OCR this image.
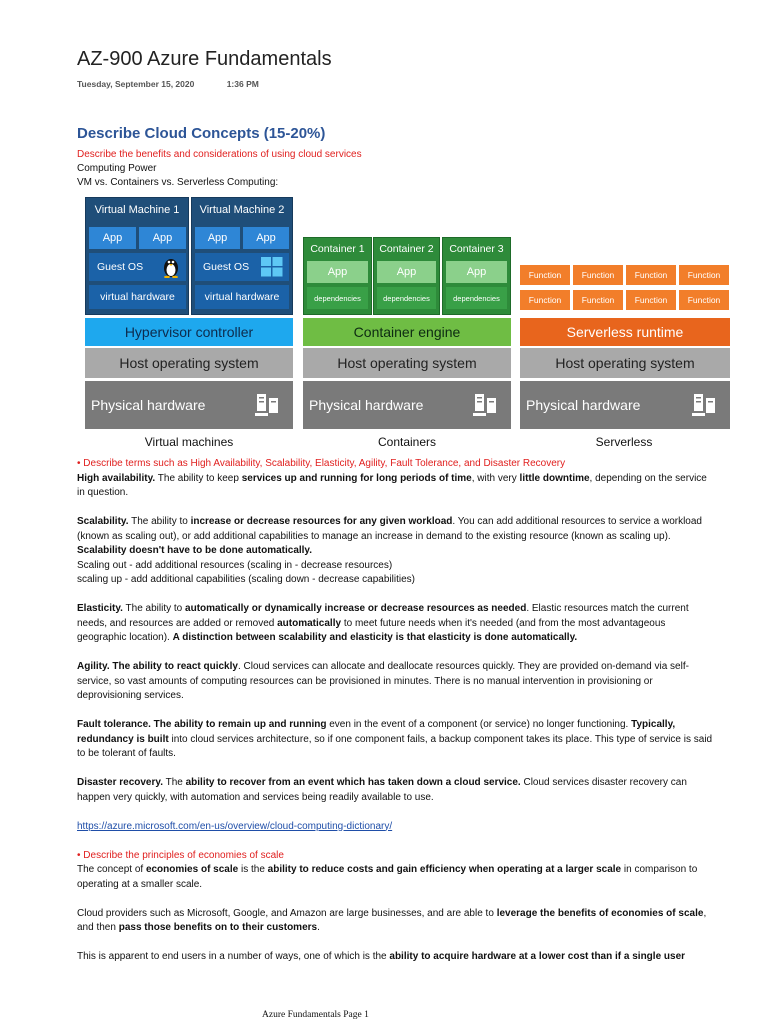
AZ-900 Azure Fundamentals
Tuesday, September 15, 2020	1:36 PM
Describe Cloud Concepts (15-20%)
Describe the benefits and considerations of using cloud services
Computing Power
VM vs. Containers vs. Serverless Computing:
Virtual Machine 1
App	App
Guest OS
virtual hardware
Virtual Machine 2
App	App
Guest OS
virtual hardware
Container 1
App
dependencies
Container 2
App
dependencies
Container 3
App
dependencies
Function	Function	Function	Function
Function	Function	Function	Function
Hypervisor controller	Container engine	Serverless runtime
Host operating system	Host operating system	Host operating system
Physical hardware	Physical hardware	Physical hardware
Virtual machines	Containers	Serverless
• Describe terms such as High Availability, Scalability, Elasticity, Agility, Fault Tolerance, and Disaster Recovery

High availability. The ability to keep services up and running for long periods of time, with very little downtime, depending on the service in question.

Scalability. The ability to increase or decrease resources for any given workload. You can add additional resources to service a workload (known as scaling out), or add additional capabilities to manage an increase in demand to the existing resource (known as scaling up). Scalability doesn't have to be done automatically.

Scaling out - add additional resources (scaling in - decrease resources)

scaling up - add additional capabilities (scaling down - decrease capabilities)

Elasticity. The ability to automatically or dynamically increase or decrease resources as needed. Elastic resources match the current needs, and resources are added or removed automatically to meet future needs when it's needed (and from the most advantageous geographic location). A distinction between scalability and elasticity is that elasticity is done automatically.

Agility. The ability to react quickly. Cloud services can allocate and deallocate resources quickly. They are provided on-demand via self-service, so vast amounts of computing resources can be provisioned in minutes. There is no manual intervention in provisioning or deprovisioning services.

Fault tolerance. The ability to remain up and running even in the event of a component (or service) no longer functioning. Typically, redundancy is built into cloud services architecture, so if one component fails, a backup component takes its place. This type of service is said to be tolerant of faults.

Disaster recovery. The ability to recover from an event which has taken down a cloud service. Cloud services disaster recovery can happen very quickly, with automation and services being readily available to use.

https://azure.microsoft.com/en-us/overview/cloud-computing-dictionary/

• Describe the principles of economies of scale

The concept of economies of scale is the ability to reduce costs and gain efficiency when operating at a larger scale in comparison to operating at a smaller scale.

Cloud providers such as Microsoft, Google, and Amazon are large businesses, and are able to leverage the benefits of economies of scale, and then pass those benefits on to their customers.

This is apparent to end users in a number of ways, one of which is the ability to acquire hardware at a lower cost than if a single user

Azure Fundamentals Page 1
